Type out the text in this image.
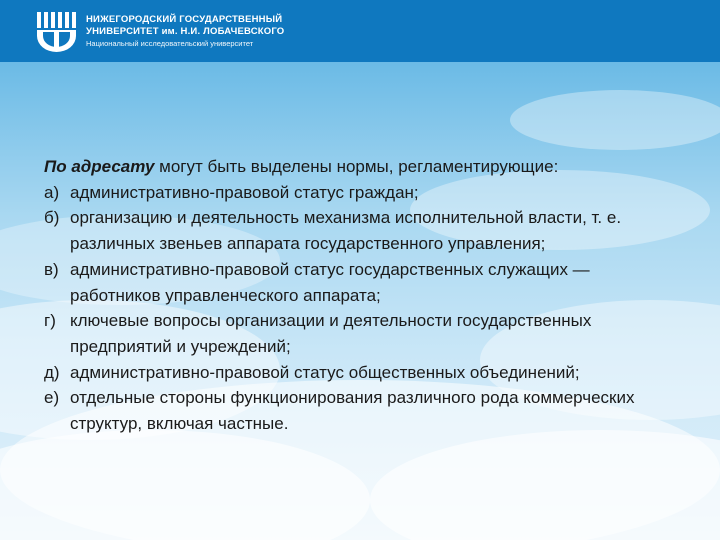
НИЖЕГОРОДСКИЙ ГОСУДАРСТВЕННЫЙ
УНИВЕРСИТЕТ им. Н.И. ЛОБАЧЕВСКОГО
Национальный исследовательский университет
По адресату могут быть выделены нормы, регламентирующие:
а) административно-правовой статус граждан;
б) организацию и деятельность механизма исполнительной власти, т. е. различных звеньев аппарата государственного управления;
в) административно-правовой статус государственных служащих — работников управленческого аппарата;
г) ключевые вопросы организации и деятельности государственных предприятий и учреждений;
д) административно-правовой статус общественных объединений;
е) отдельные стороны функционирования различного рода коммерческих структур, включая частные.
